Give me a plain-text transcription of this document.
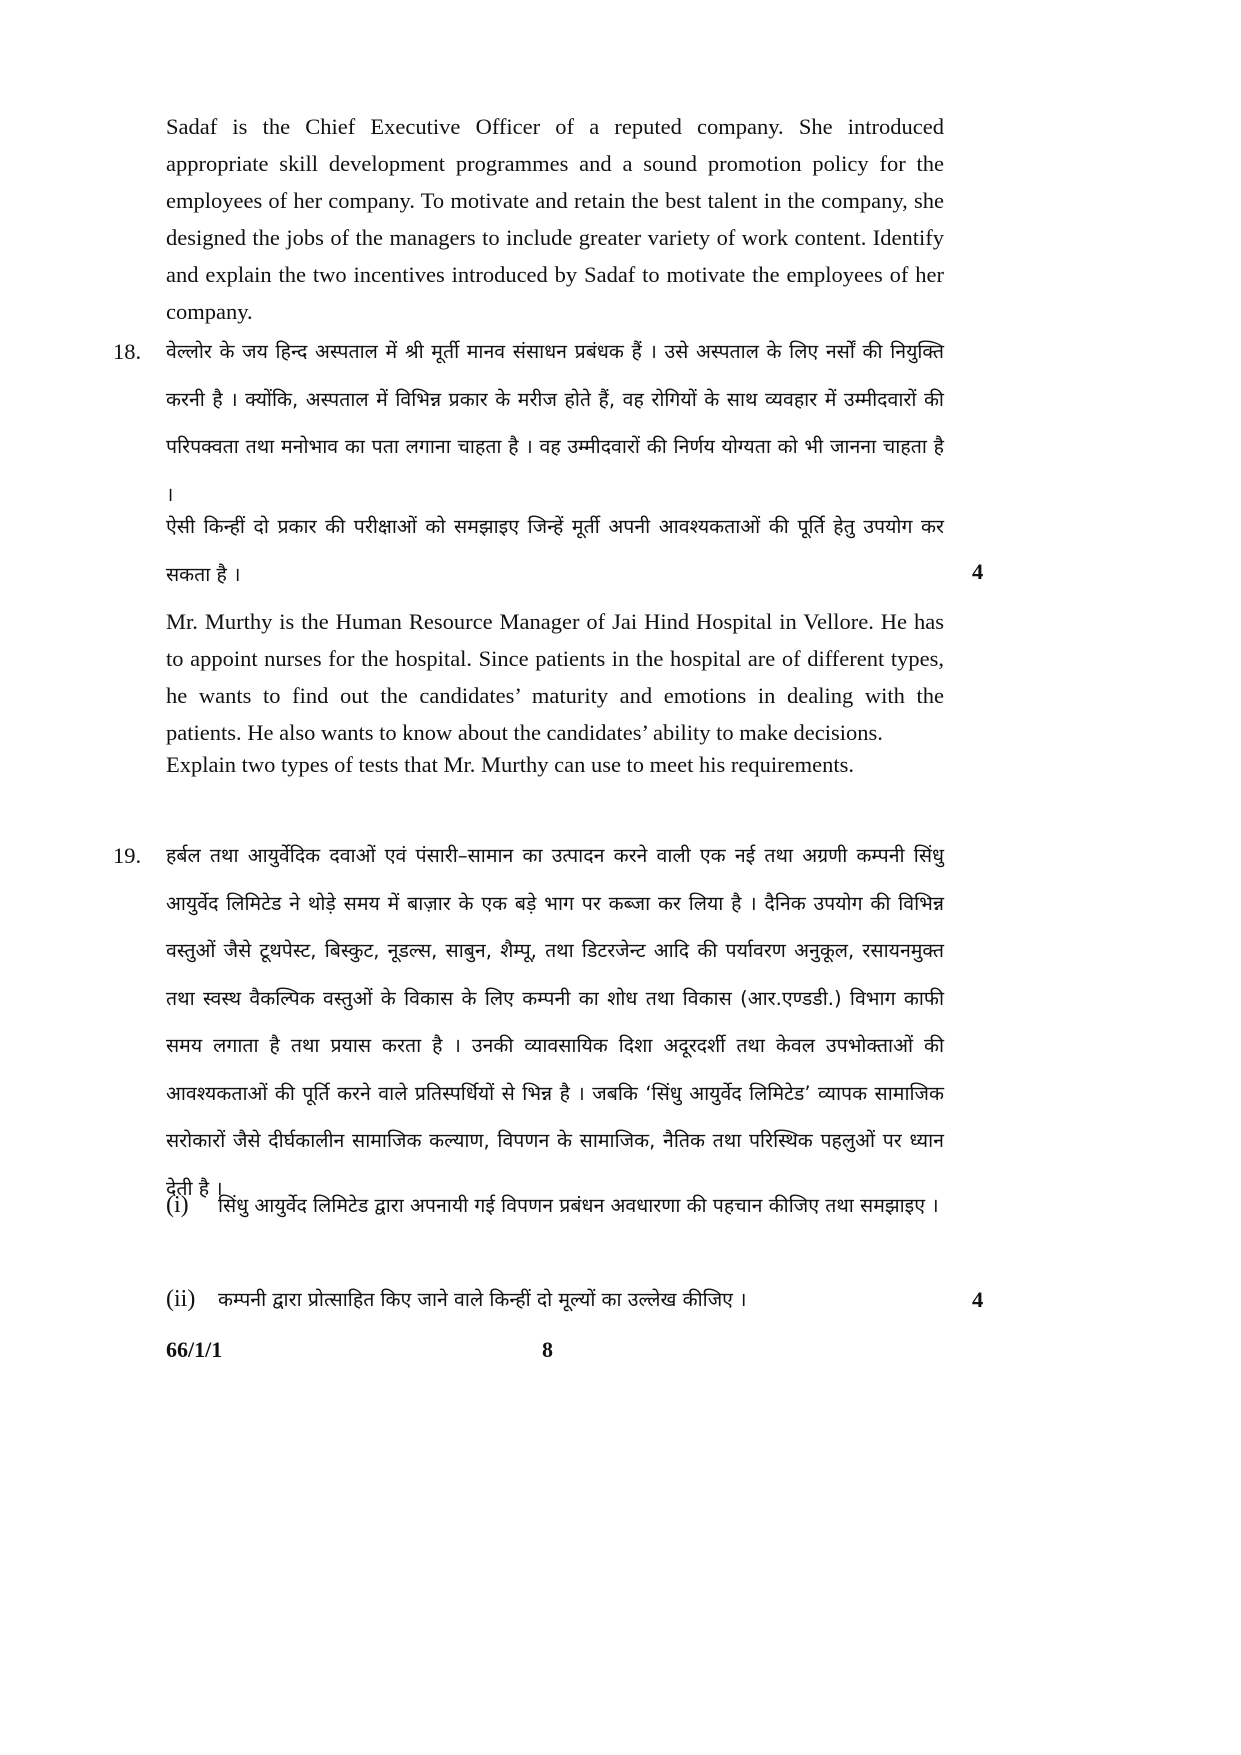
Sadaf is the Chief Executive Officer of a reputed company. She introduced appropriate skill development programmes and a sound promotion policy for the employees of her company. To motivate and retain the best talent in the company, she designed the jobs of the managers to include greater variety of work content. Identify and explain the two incentives introduced by Sadaf to motivate the employees of her company.

18. वेल्लोर के जय हिन्द अस्पताल में श्री मूर्ती मानव संसाधन प्रबंधक हैं । उसे अस्पताल के लिए नर्सों की नियुक्ति करनी है । क्योंकि, अस्पताल में विभिन्न प्रकार के मरीज होते हैं, वह रोगियों के साथ व्यवहार में उम्मीदवारों की परिपक्वता तथा मनोभाव का पता लगाना चाहता है । वह उम्मीदवारों की निर्णय योग्यता को भी जानना चाहता है ।

ऐसी किन्हीं दो प्रकार की परीक्षाओं को समझाइए जिन्हें मूर्ती अपनी आवश्यकताओं की पूर्ति हेतु उपयोग कर सकता है ।	4

Mr. Murthy is the Human Resource Manager of Jai Hind Hospital in Vellore. He has to appoint nurses for the hospital. Since patients in the hospital are of different types, he wants to find out the candidates’ maturity and emotions in dealing with the patients. He also wants to know about the candidates’ ability to make decisions.

Explain two types of tests that Mr. Murthy can use to meet his requirements.

19. हर्बल तथा आयुर्वेदिक दवाओं एवं पंसारी–सामान का उत्पादन करने वाली एक नई तथा अग्रणी कम्पनी सिंधु आयुर्वेद लिमिटेड ने थोड़े समय में बाज़ार के एक बड़े भाग पर कब्जा कर लिया है । दैनिक उपयोग की विभिन्न वस्तुओं जैसे टूथपेस्ट, बिस्कुट, नूडल्स, साबुन, शैम्पू, तथा डिटरजेन्ट आदि की पर्यावरण अनुकूल, रसायनमुक्त तथा स्वस्थ वैकल्पिक वस्तुओं के विकास के लिए कम्पनी का शोध तथा विकास (आर.एण्डडी.) विभाग काफी समय लगाता है तथा प्रयास करता है । उनकी व्यावसायिक दिशा अदूरदर्शी तथा केवल उपभोक्ताओं की आवश्यकताओं की पूर्ति करने वाले प्रतिस्पर्धियों से भिन्न है । जबकि ‘सिंधु आयुर्वेद लिमिटेड’ व्यापक सामाजिक सरोकारों जैसे दीर्घकालीन सामाजिक कल्याण, विपणन के सामाजिक, नैतिक तथा परिस्थिक पहलुओं पर ध्यान देती है ।

(i) सिंधु आयुर्वेद लिमिटेड द्वारा अपनायी गई विपणन प्रबंधन अवधारणा की पहचान कीजिए तथा समझाइए ।

(ii) कम्पनी द्वारा प्रोत्साहित किए जाने वाले किन्हीं दो मूल्यों का उल्लेख कीजिए ।	4
66/1/1	8
